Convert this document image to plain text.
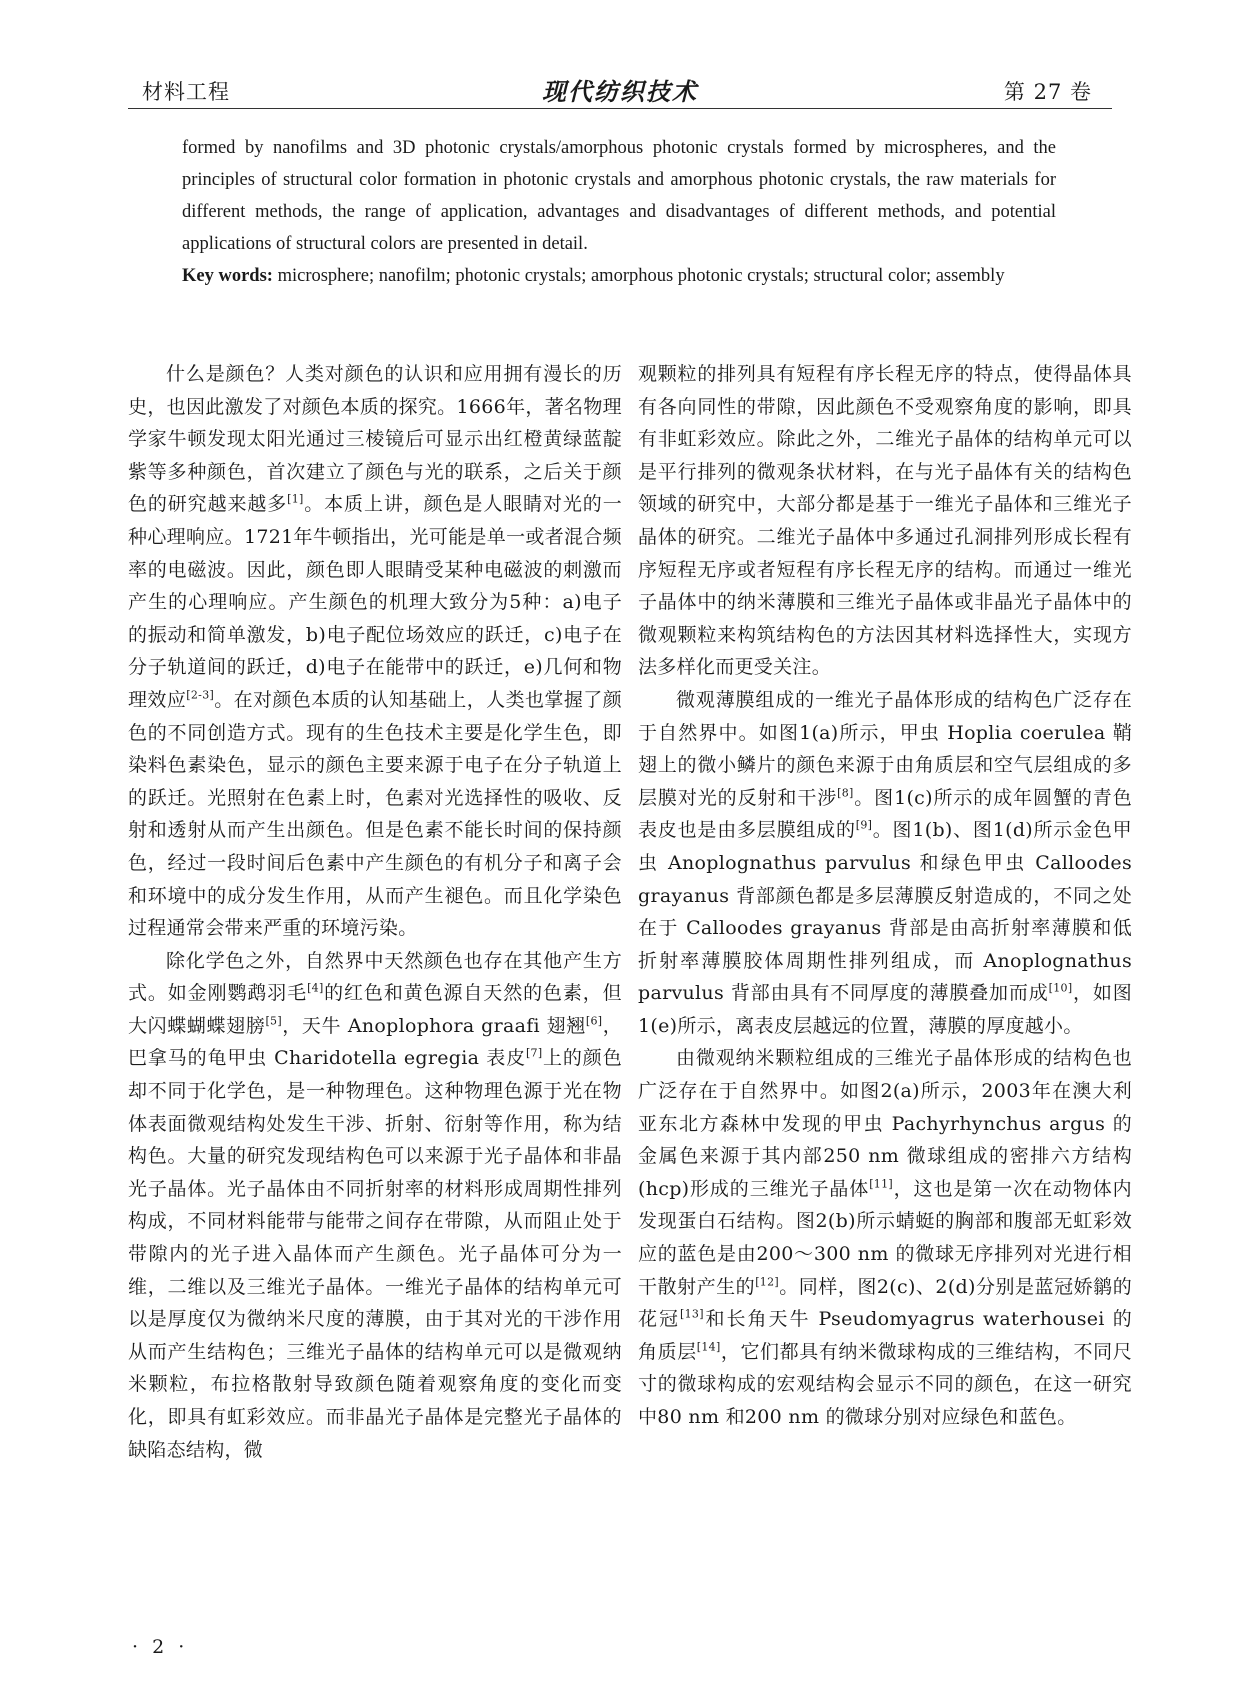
材料工程	现代纺织技术	第 27 卷

formed by nanofilms and 3D photonic crystals/amorphous photonic crystals formed by microspheres, and the principles of structural color formation in photonic crystals and amorphous photonic crystals, the raw materials for different methods, the range of application, advantages and disadvantages of different methods, and potential applications of structural colors are presented in detail.

Key words: microsphere; nanofilm; photonic crystals; amorphous photonic crystals; structural color; assembly

什么是颜色？人类对颜色的认识和应用拥有漫长的历史，也因此激发了对颜色本质的探究。1666年，著名物理学家牛顿发现太阳光通过三棱镜后可显示出红橙黄绿蓝靛紫等多种颜色，首次建立了颜色与光的联系，之后关于颜色的研究越来越多[1]。本质上讲，颜色是人眼睛对光的一种心理响应。1721年牛顿指出，光可能是单一或者混合频率的电磁波。因此，颜色即人眼睛受某种电磁波的刺激而产生的心理响应。产生颜色的机理大致分为5种：a)电子的振动和简单激发，b)电子配位场效应的跃迁，c)电子在分子轨道间的跃迁，d)电子在能带中的跃迁，e)几何和物理效应[2-3]。在对颜色本质的认知基础上，人类也掌握了颜色的不同创造方式。现有的生色技术主要是化学生色，即染料色素染色，显示的颜色主要来源于电子在分子轨道上的跃迁。光照射在色素上时，色素对光选择性的吸收、反射和透射从而产生出颜色。但是色素不能长时间的保持颜色，经过一段时间后色素中产生颜色的有机分子和离子会和环境中的成分发生作用，从而产生褪色。而且化学染色过程通常会带来严重的环境污染。

除化学色之外，自然界中天然颜色也存在其他产生方式。如金刚鹦鹉羽毛[4]的红色和黄色源自天然的色素，但大闪蝶蝴蝶翅膀[5]，天牛 Anoplophora graafi 翅翘[6]，巴拿马的龟甲虫 Charidotella egregia 表皮[7]上的颜色却不同于化学色，是一种物理色。这种物理色源于光在物体表面微观结构处发生干涉、折射、衍射等作用，称为结构色。大量的研究发现结构色可以来源于光子晶体和非晶光子晶体。光子晶体由不同折射率的材料形成周期性排列构成，不同材料能带与能带之间存在带隙，从而阻止处于带隙内的光子进入晶体而产生颜色。光子晶体可分为一维，二维以及三维光子晶体。一维光子晶体的结构单元可以是厚度仅为微纳米尺度的薄膜，由于其对光的干涉作用从而产生结构色；三维光子晶体的结构单元可以是微观纳米颗粒，布拉格散射导致颜色随着观察角度的变化而变化，即具有虹彩效应。而非晶光子晶体是完整光子晶体的缺陷态结构，微

观颗粒的排列具有短程有序长程无序的特点，使得晶体具有各向同性的带隙，因此颜色不受观察角度的影响，即具有非虹彩效应。除此之外，二维光子晶体的结构单元可以是平行排列的微观条状材料，在与光子晶体有关的结构色领域的研究中，大部分都是基于一维光子晶体和三维光子晶体的研究。二维光子晶体中多通过孔洞排列形成长程有序短程无序或者短程有序长程无序的结构。而通过一维光子晶体中的纳米薄膜和三维光子晶体或非晶光子晶体中的微观颗粒来构筑结构色的方法因其材料选择性大，实现方法多样化而更受关注。

微观薄膜组成的一维光子晶体形成的结构色广泛存在于自然界中。如图1(a)所示，甲虫 Hoplia coerulea 鞘翅上的微小鳞片的颜色来源于由角质层和空气层组成的多层膜对光的反射和干涉[8]。图1(c)所示的成年圆蟹的青色表皮也是由多层膜组成的[9]。图1(b)、图1(d)所示金色甲虫 Anoplognathus parvulus 和绿色甲虫 Calloodes grayanus 背部颜色都是多层薄膜反射造成的，不同之处在于 Calloodes grayanus 背部是由高折射率薄膜和低折射率薄膜胶体周期性排列组成，而 Anoplognathus parvulus 背部由具有不同厚度的薄膜叠加而成[10]，如图1(e)所示，离表皮层越远的位置，薄膜的厚度越小。

由微观纳米颗粒组成的三维光子晶体形成的结构色也广泛存在于自然界中。如图2(a)所示，2003年在澳大利亚东北方森林中发现的甲虫 Pachyrhynchus argus 的金属色来源于其内部250 nm 微球组成的密排六方结构(hcp)形成的三维光子晶体[11]，这也是第一次在动物体内发现蛋白石结构。图2(b)所示蜻蜓的胸部和腹部无虹彩效应的蓝色是由200～300 nm 的微球无序排列对光进行相干散射产生的[12]。同样，图2(c)、2(d)分别是蓝冠娇鹟的花冠[13]和长角天牛 Pseudomyagrus waterhousei 的角质层[14]，它们都具有纳米微球构成的三维结构，不同尺寸的微球构成的宏观结构会显示不同的颜色，在这一研究中80 nm 和200 nm 的微球分别对应绿色和蓝色。

· 2 ·
